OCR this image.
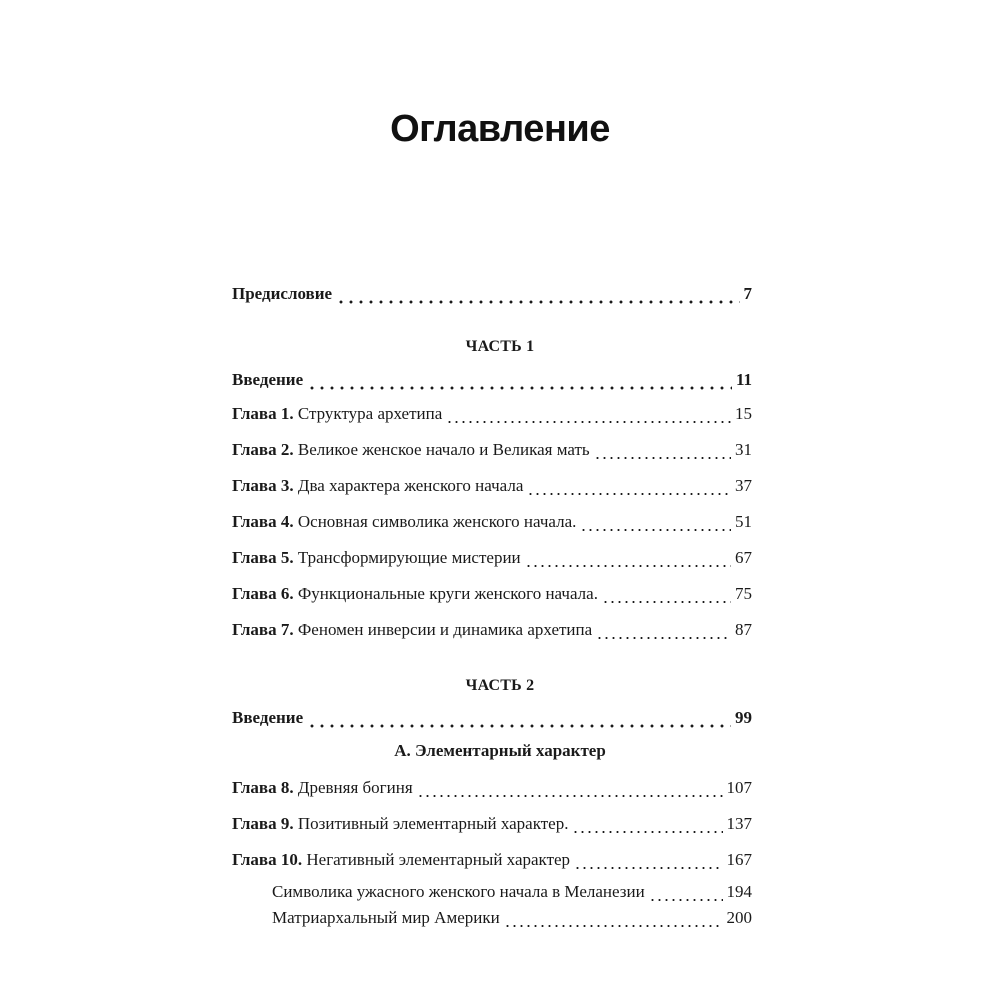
Оглавление
Предисловие	7
ЧАСТЬ 1
Введение	11
Глава 1. Структура архетипа	15
Глава 2. Великое женское начало и Великая мать	31
Глава 3. Два характера женского начала	37
Глава 4. Основная символика женского начала.	51
Глава 5. Трансформирующие мистерии	67
Глава 6. Функциональные круги женского начала.	75
Глава 7. Феномен инверсии и динамика архетипа	87
ЧАСТЬ 2
Введение	99
А. Элементарный характер
Глава 8. Древняя богиня	107
Глава 9. Позитивный элементарный характер.	137
Глава 10. Негативный элементарный характер	167
Символика ужасного женского начала в Меланезии	194
Матриархальный мир Америки	200
